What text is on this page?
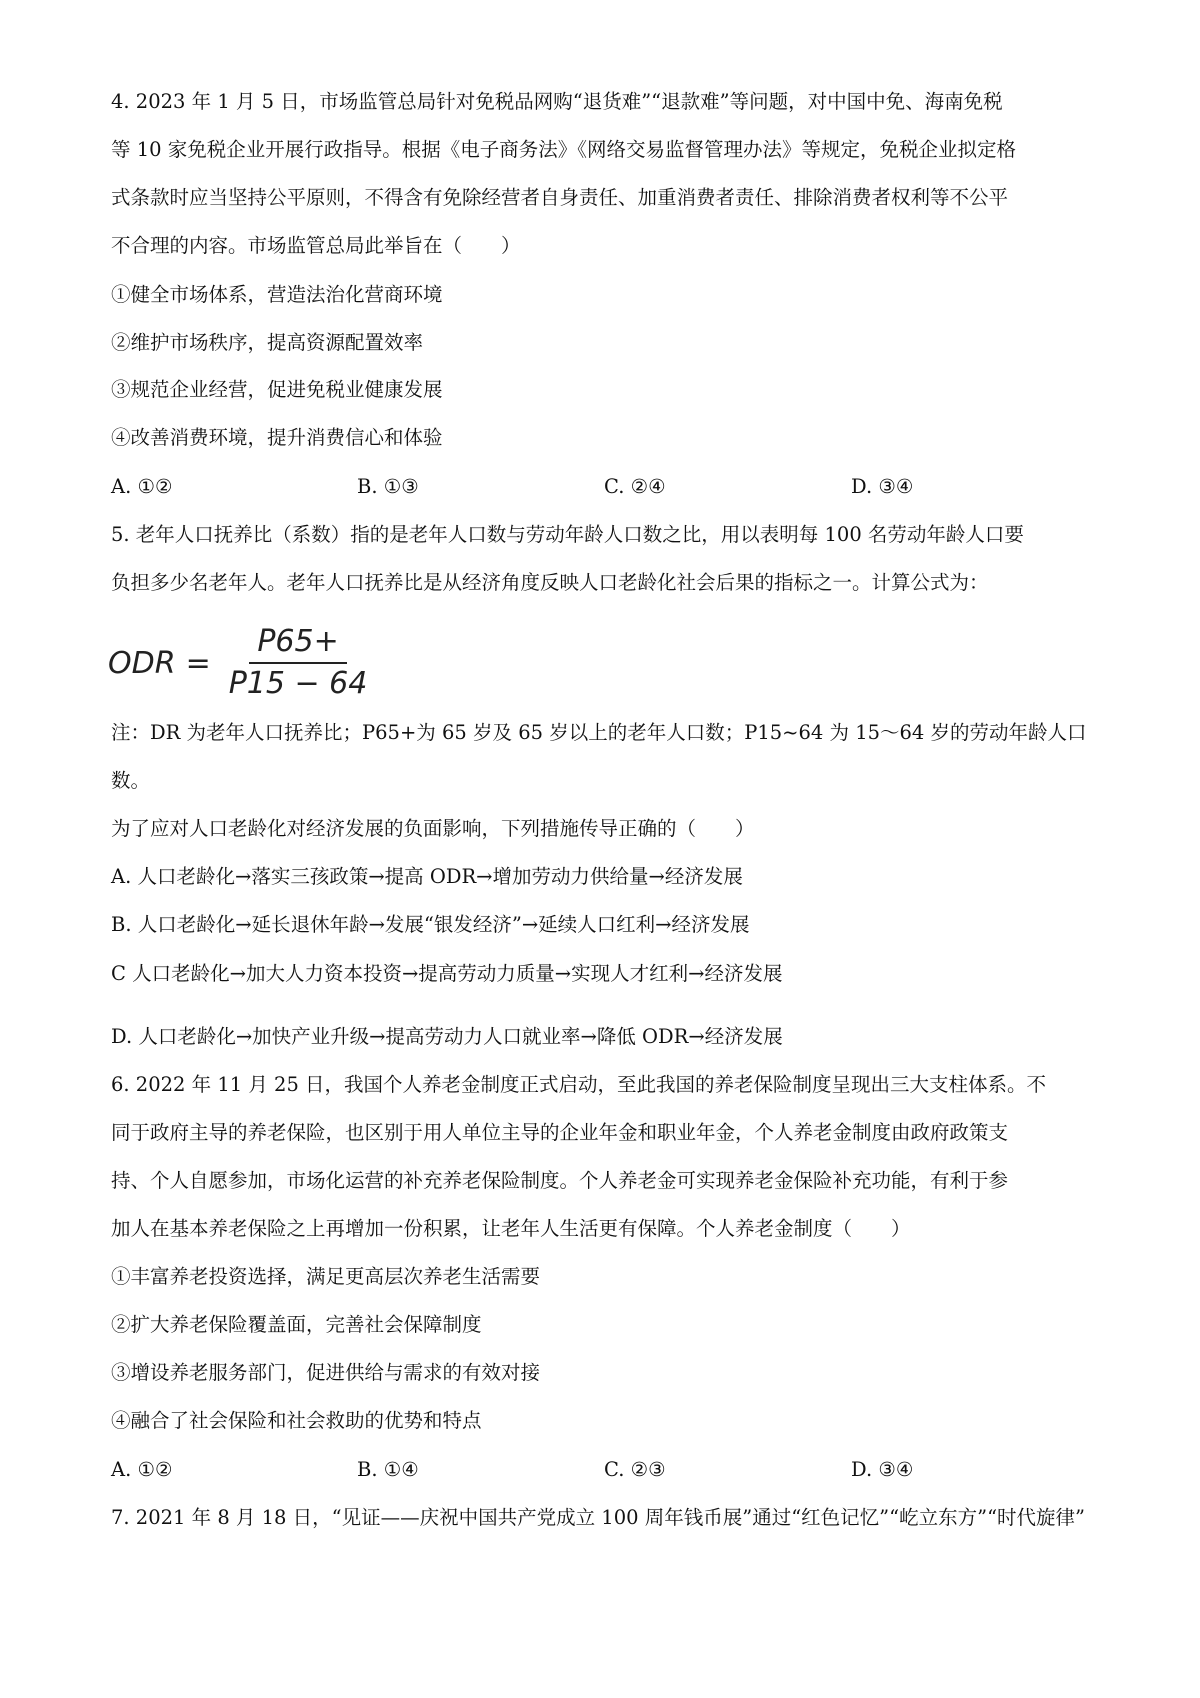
4. 2023 年 1 月 5 日，市场监管总局针对免税品网购“退货难”“退款难”等问题，对中国中免、海南免税
等 10 家免税企业开展行政指导。根据《电子商务法》《网络交易监督管理办法》等规定，免税企业拟定格
式条款时应当坚持公平原则，不得含有免除经营者自身责任、加重消费者责任、排除消费者权利等不公平
不合理的内容。市场监管总局此举旨在（　　）
①健全市场体系，营造法治化营商环境
②维护市场秩序，提高资源配置效率
③规范企业经营，促进免税业健康发展
④改善消费环境，提升消费信心和体验
A. ①②	B. ①③	C. ②④	D. ③④
5. 老年人口抚养比（系数）指的是老年人口数与劳动年龄人口数之比，用以表明每 100 名劳动年龄人口要
负担多少名老年人。老年人口抚养比是从经济角度反映人口老龄化社会后果的指标之一。计算公式为：
ODR = $\frac{P65+}{P15 - 64}$
注：DR 为老年人口抚养比；P65+为 65 岁及 65 岁以上的老年人口数；P15~64 为 15～64 岁的劳动年龄人口
数。
为了应对人口老龄化对经济发展的负面影响，下列措施传导正确的（　　）
A. 人口老龄化→落实三孩政策→提高 ODR→增加劳动力供给量→经济发展
B. 人口老龄化→延长退休年龄→发展“银发经济”→延续人口红利→经济发展
C 人口老龄化→加大人力资本投资→提高劳动力质量→实现人才红利→经济发展
D. 人口老龄化→加快产业升级→提高劳动力人口就业率→降低 ODR→经济发展
6. 2022 年 11 月 25 日，我国个人养老金制度正式启动，至此我国的养老保险制度呈现出三大支柱体系。不
同于政府主导的养老保险，也区别于用人单位主导的企业年金和职业年金，个人养老金制度由政府政策支
持、个人自愿参加，市场化运营的补充养老保险制度。个人养老金可实现养老金保险补充功能，有利于参
加人在基本养老保险之上再增加一份积累，让老年人生活更有保障。个人养老金制度（　　）
①丰富养老投资选择，满足更高层次养老生活需要
②扩大养老保险覆盖面，完善社会保障制度
③增设养老服务部门，促进供给与需求的有效对接
④融合了社会保险和社会救助的优势和特点
A. ①②	B. ①④	C. ②③	D. ③④
7. 2021 年 8 月 18 日，“见证——庆祝中国共产党成立 100 周年钱币展”通过“红色记忆”“屹立东方”“时代旋律”
